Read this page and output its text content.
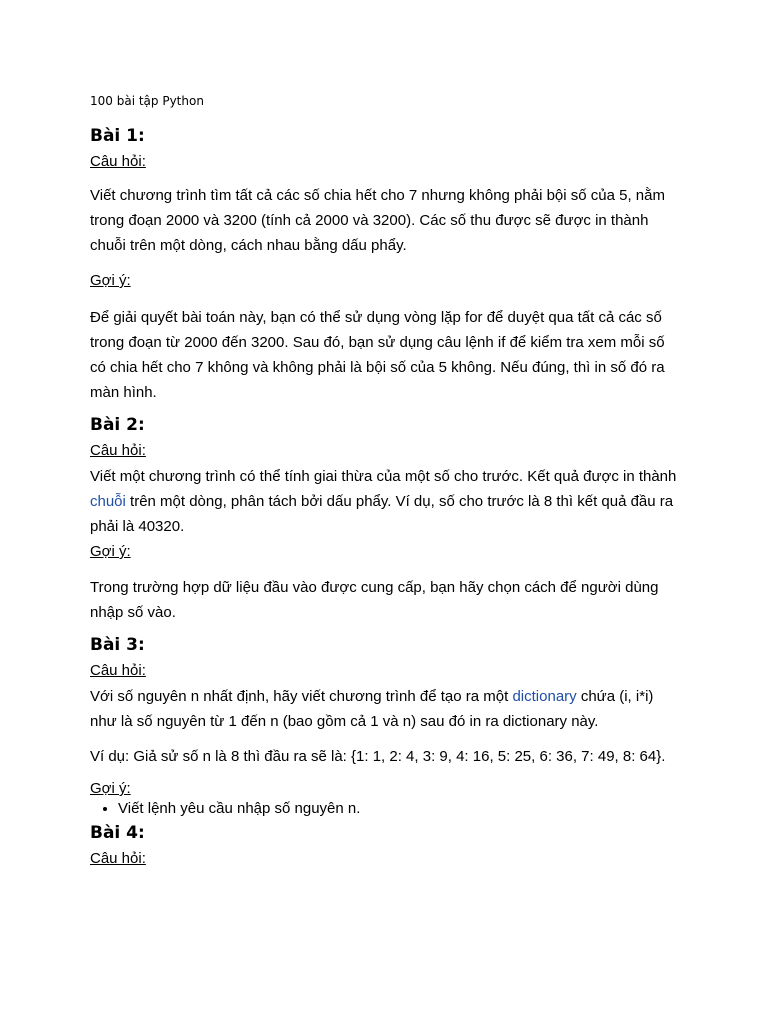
100 bài tập Python
Bài 1:

Câu hỏi:

Viết chương trình tìm tất cả các số chia hết cho 7 nhưng không phải bội số của 5, nằm trong đoạn 2000 và 3200 (tính cả 2000 và 3200). Các số thu được sẽ được in thành chuỗi trên một dòng, cách nhau bằng dấu phẩy.

Gợi ý:

Để giải quyết bài toán này, bạn có thể sử dụng vòng lặp for để duyệt qua tất cả các số trong đoạn từ 2000 đến 3200. Sau đó, bạn sử dụng câu lệnh if để kiểm tra xem mỗi số có chia hết cho 7 không và không phải là bội số của 5 không. Nếu đúng, thì in số đó ra màn hình.

Bài 2:

Câu hỏi:

Viết một chương trình có thể tính giai thừa của một số cho trước. Kết quả được in thành chuỗi trên một dòng, phân tách bởi dấu phẩy. Ví dụ, số cho trước là 8 thì kết quả đầu ra phải là 40320.

Gợi ý:

Trong trường hợp dữ liệu đầu vào được cung cấp, bạn hãy chọn cách để người dùng nhập số vào.

Bài 3:

Câu hỏi:

Với số nguyên n nhất định, hãy viết chương trình để tạo ra một dictionary chứa (i, i*i) như là số nguyên từ 1 đến n (bao gồm cả 1 và n) sau đó in ra dictionary này.

Ví dụ: Giả sử số n là 8 thì đầu ra sẽ là: {1: 1, 2: 4, 3: 9, 4: 16, 5: 25, 6: 36, 7: 49, 8: 64}.

Gợi ý:

• Viết lệnh yêu cầu nhập số nguyên n.
Bài 4:

Câu hỏi:
